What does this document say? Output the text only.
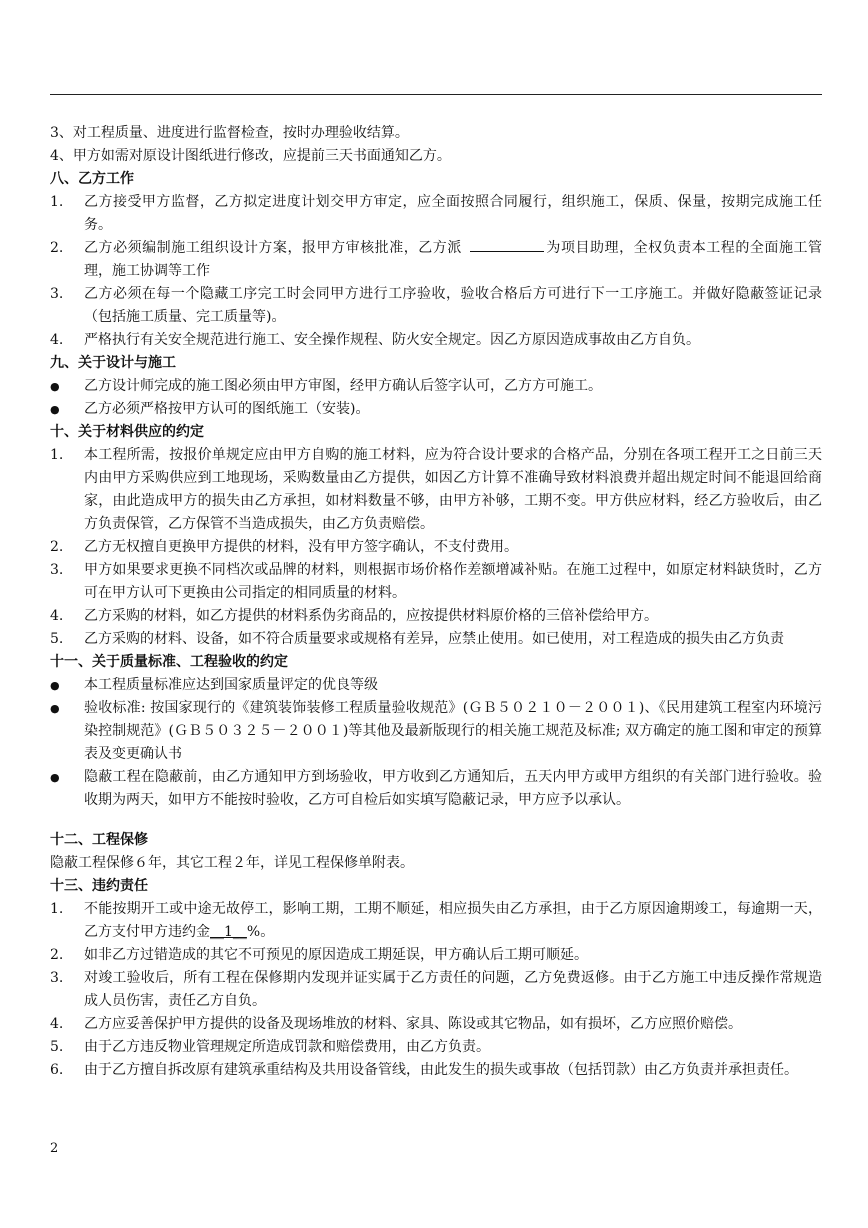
3、对工程质量、进度进行监督检查，按时办理验收结算。

4、甲方如需对原设计图纸进行修改，应提前三天书面通知乙方。

八、乙方工作

1.	乙方接受甲方监督，乙方拟定进度计划交甲方审定，应全面按照合同履行，组织施工，保质、保量，按期完成施工任务。
2.	乙方必须编制施工组织设计方案，报甲方审核批准，乙方派	为项目助理，全权负责本工程的全面施工管理，施工协调等工作
3.	乙方必须在每一个隐藏工序完工时会同甲方进行工序验收，验收合格后方可进行下一工序施工。并做好隐蔽签证记录（包括施工质量、完工质量等)。
4.	严格执行有关安全规范进行施工、安全操作规程、防火安全规定。因乙方原因造成事故由乙方自负。

九、关于设计与施工

●	乙方设计师完成的施工图必须由甲方审图，经甲方确认后签字认可，乙方方可施工。
●	乙方必须严格按甲方认可的图纸施工（安装)。

十、关于材料供应的约定

1.	本工程所需，按报价单规定应由甲方自购的施工材料，应为符合设计要求的合格产品，分别在各项工程开工之日前三天内由甲方采购供应到工地现场，采购数量由乙方提供，如因乙方计算不准确导致材料浪费并超出规定时间不能退回给商家，由此造成甲方的损失由乙方承担，如材料数量不够，由甲方补够，工期不变。甲方供应材料，经乙方验收后，由乙方负责保管，乙方保管不当造成损失，由乙方负责赔偿。
2.	乙方无权擅自更换甲方提供的材料，没有甲方签字确认，不支付费用。
3.	甲方如果要求更换不同档次或品牌的材料，则根据市场价格作差额增减补贴。在施工过程中，如原定材料缺货时，乙方可在甲方认可下更换由公司指定的相同质量的材料。
4.	乙方采购的材料，如乙方提供的材料系伪劣商品的，应按提供材料原价格的三倍补偿给甲方。
5.	乙方采购的材料、设备，如不符合质量要求或规格有差异，应禁止使用。如已使用，对工程造成的损失由乙方负责

十一、关于质量标准、工程验收的约定

●	本工程质量标准应达到国家质量评定的优良等级
●	验收标准: 按国家现行的《建筑装饰装修工程质量验收规范》(ＧＢ５０２１０－２００１)、《民用建筑工程室内环境污染控制规范》(ＧＢ５０３２５－２００１)等其他及最新版现行的相关施工规范及标准; 双方确定的施工图和审定的预算表及变更确认书
●	隐蔽工程在隐蔽前，由乙方通知甲方到场验收，甲方收到乙方通知后，五天内甲方或甲方组织的有关部门进行验收。验收期为两天，如甲方不能按时验收，乙方可自检后如实填写隐蔽记录，甲方应予以承认。

十二、工程保修

隐蔽工程保修６年，其它工程２年，详见工程保修单附表。

十三、违约责任

1.	不能按期开工或中途无故停工，影响工期，工期不顺延，相应损失由乙方承担，由于乙方原因逾期竣工，每逾期一天，乙方支付甲方违约金__1__%。
2.	如非乙方过错造成的其它不可预见的原因造成工期延误，甲方确认后工期可顺延。
3.	对竣工验收后，所有工程在保修期内发现并证实属于乙方责任的问题，乙方免费返修。由于乙方施工中违反操作常规造成人员伤害，责任乙方自负。
4.	乙方应妥善保护甲方提供的设备及现场堆放的材料、家具、陈设或其它物品，如有损坏，乙方应照价赔偿。
5.	由于乙方违反物业管理规定所造成罚款和赔偿费用，由乙方负责。
6.	由于乙方擅自拆改原有建筑承重结构及共用设备管线，由此发生的损失或事故（包括罚款）由乙方负责并承担责任。
2
